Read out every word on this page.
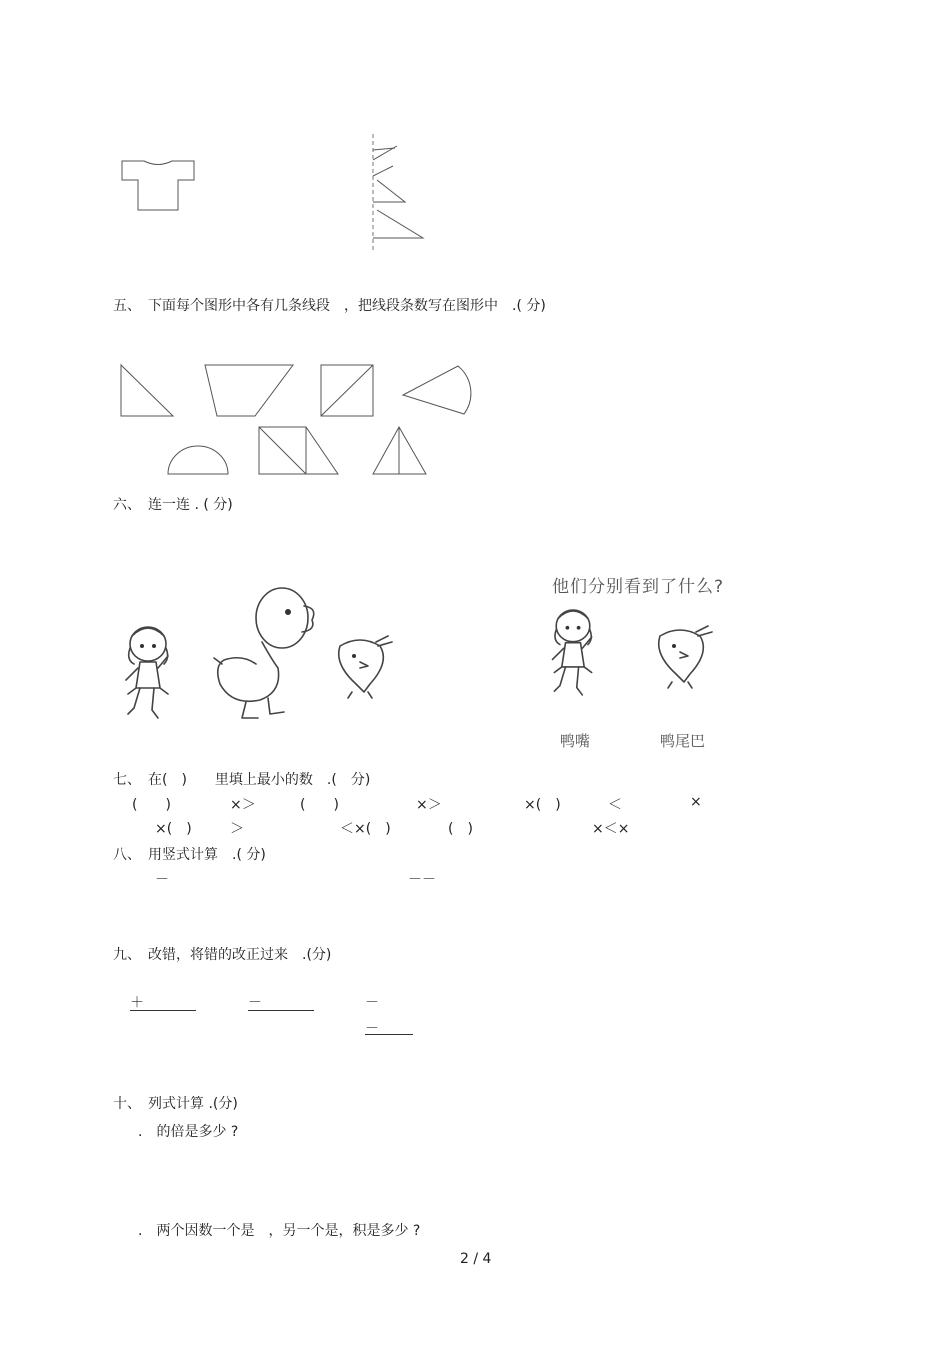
五、　下面每个图形中各有几条线段　，把线段条数写在图形中　.( 分)
六、　连一连 . ( 分)
他们分别看到了什么?
鸭嘴	鸭尾巴
七、　在(　)　　里填上最小的数　.(　分)
(　　)	×＞	(　　)	×＞	×(　)	＜	×
×(　)	＞	＜×(　)	(　)	×＜×
八、　用竖式计算　.( 分)
－	－－
九、　改错，将错的改正过来　.(分)
＋	－	－
－
十、　列式计算 .(分)
.　的倍是多少 ?
.　两个因数一个是　，另一个是，积是多少 ?
2 / 4
